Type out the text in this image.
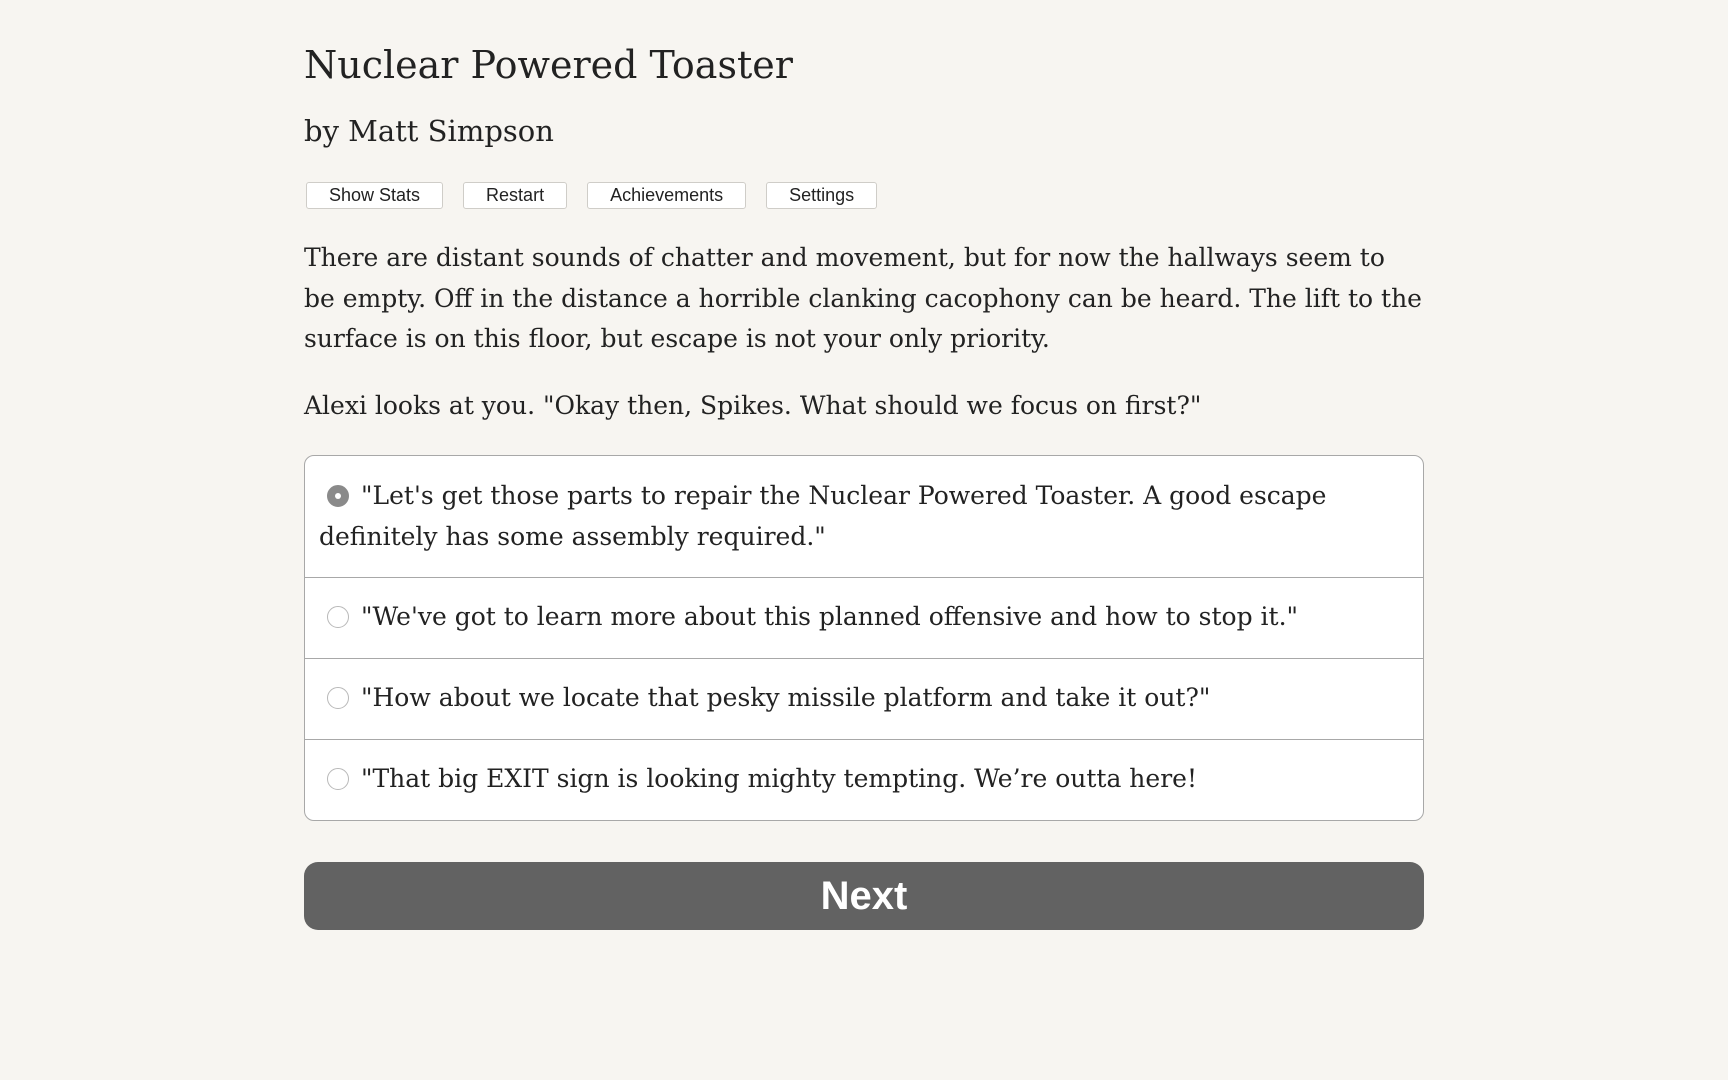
Nuclear Powered Toaster
by Matt Simpson
Show Stats	Restart	Achievements	Settings

There are distant sounds of chatter and movement, but for now the hallways seem to be empty. Off in the distance a horrible clanking cacophony can be heard. The lift to the surface is on this floor, but escape is not your only priority.

Alexi looks at you. "Okay then, Spikes. What should we focus on first?"

"Let's get those parts to repair the Nuclear Powered Toaster. A good escape definitely has some assembly required."
"We've got to learn more about this planned offensive and how to stop it."
"How about we locate that pesky missile platform and take it out?"
"That big EXIT sign is looking mighty tempting. We’re outta here!
Next
